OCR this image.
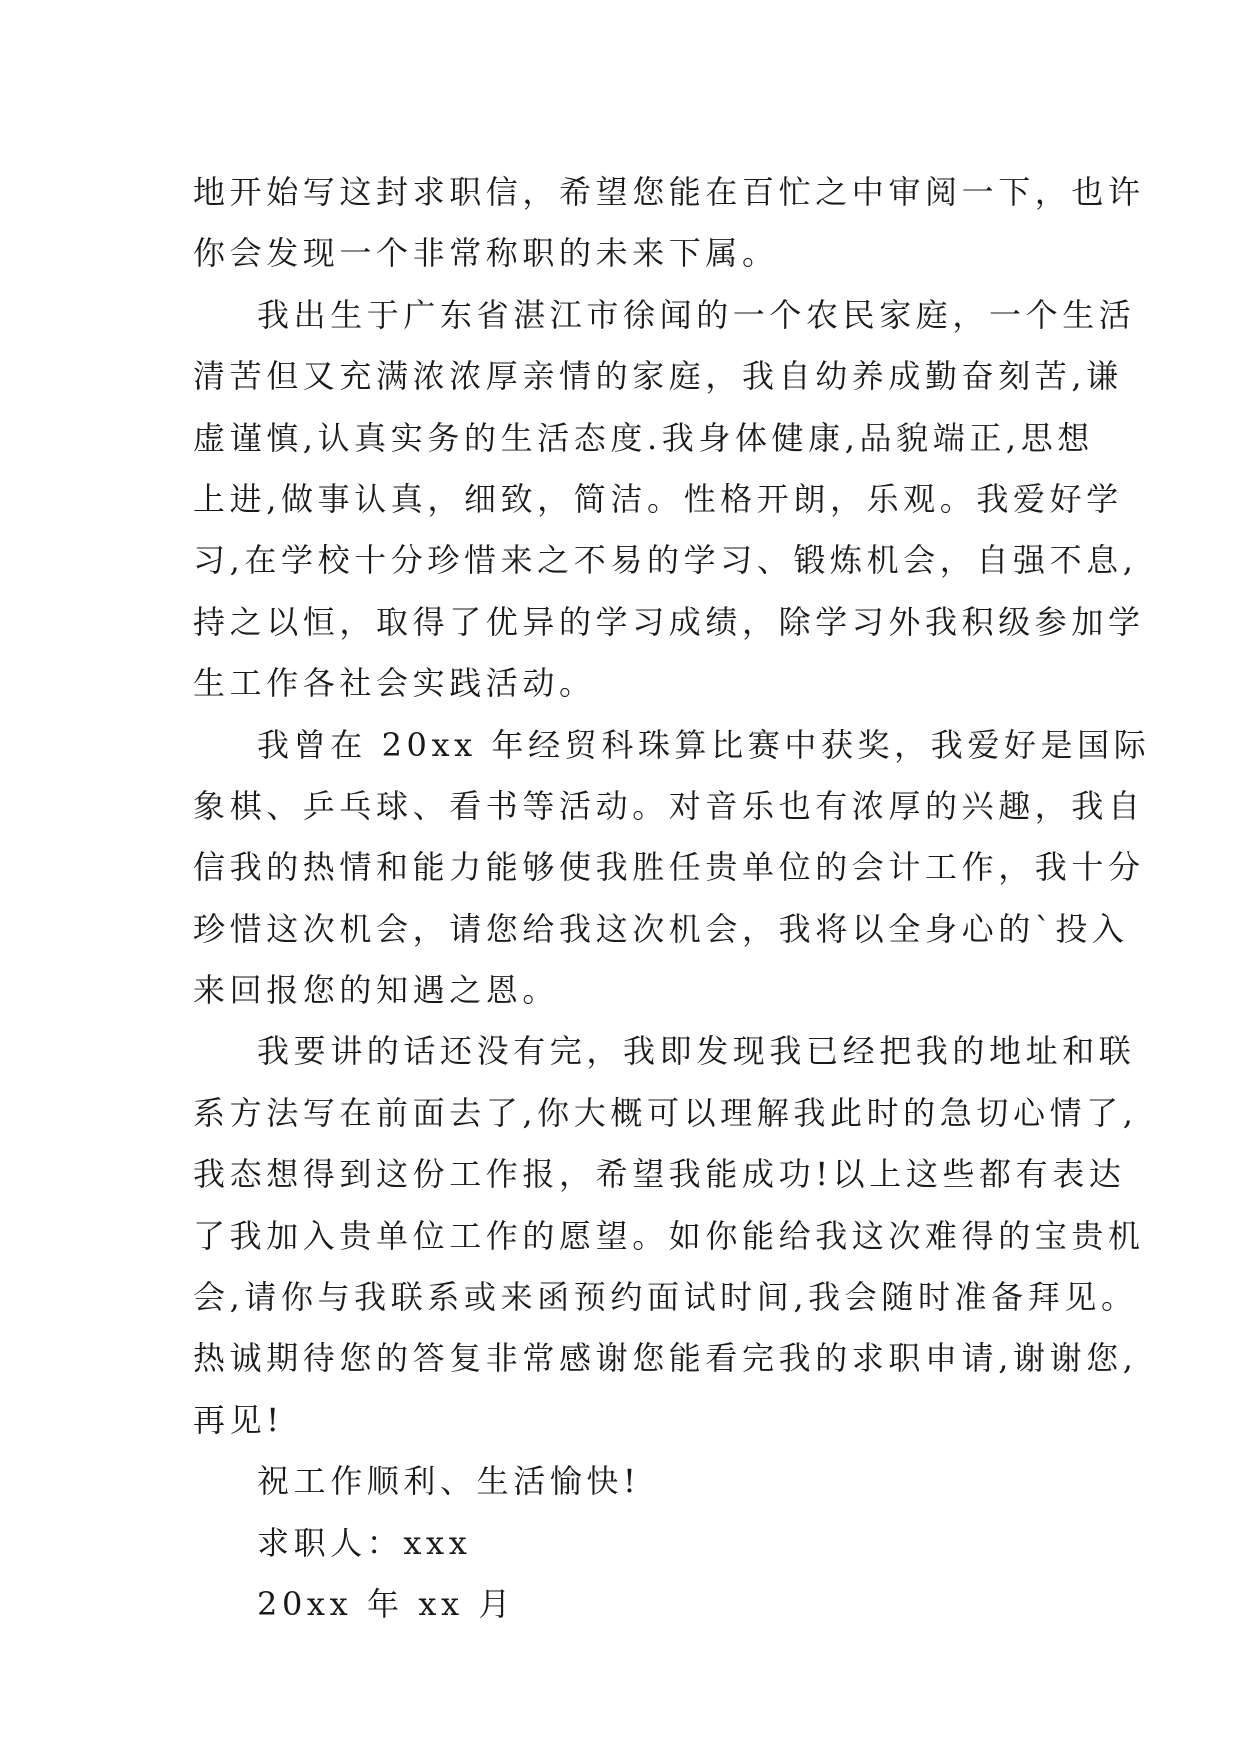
地开始写这封求职信，希望您能在百忙之中审阅一下，也许
你会发现一个非常称职的未来下属。
我出生于广东省湛江市徐闻的一个农民家庭，一个生活
清苦但又充满浓浓厚亲情的家庭，我自幼养成勤奋刻苦,谦
虚谨慎,认真实务的生活态度.我身体健康,品貌端正,思想
上进,做事认真，细致，简洁。性格开朗，乐观。我爱好学
习,在学校十分珍惜来之不易的学习、锻炼机会，自强不息,
持之以恒，取得了优异的学习成绩，除学习外我积级参加学
生工作各社会实践活动。
我曾在 20xx 年经贸科珠算比赛中获奖，我爱好是国际
象棋、乒乓球、看书等活动。对音乐也有浓厚的兴趣，我自
信我的热情和能力能够使我胜任贵单位的会计工作，我十分
珍惜这次机会，请您给我这次机会，我将以全身心的`投入
来回报您的知遇之恩。
我要讲的话还没有完，我即发现我已经把我的地址和联
系方法写在前面去了,你大概可以理解我此时的急切心情了,
我态想得到这份工作报，希望我能成功!以上这些都有表达
了我加入贵单位工作的愿望。如你能给我这次难得的宝贵机
会,请你与我联系或来函预约面试时间,我会随时准备拜见。
热诚期待您的答复非常感谢您能看完我的求职申请,谢谢您,
再见!
祝工作顺利、生活愉快!
求职人：xxx
20xx 年 xx 月
